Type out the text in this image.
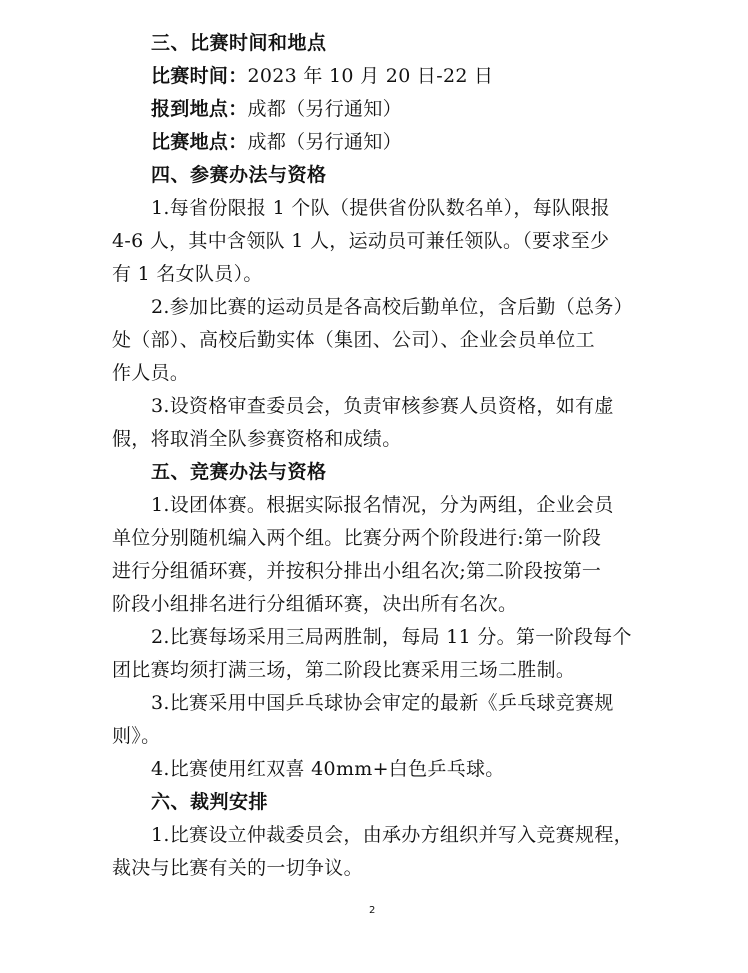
三、比赛时间和地点
比赛时间：2023 年 10 月 20 日-22 日
报到地点：成都（另行通知）
比赛地点：成都（另行通知）
四、参赛办法与资格
1.每省份限报 1 个队（提供省份队数名单），每队限报
4-6 人，其中含领队 1 人，运动员可兼任领队。（要求至少
有 1 名女队员）。
2.参加比赛的运动员是各高校后勤单位，含后勤（总务）
处（部）、高校后勤实体（集团、公司）、企业会员单位工
作人员。
3.设资格审查委员会，负责审核参赛人员资格，如有虚
假，将取消全队参赛资格和成绩。
五、竞赛办法与资格
1.设团体赛。根据实际报名情况，分为两组，企业会员
单位分别随机编入两个组。比赛分两个阶段进行:第一阶段
进行分组循环赛，并按积分排出小组名次;第二阶段按第一
阶段小组排名进行分组循环赛，决出所有名次。
2.比赛每场采用三局两胜制，每局 11 分。第一阶段每个
团比赛均须打满三场，第二阶段比赛采用三场二胜制。
3.比赛采用中国乒乓球协会审定的最新《乒乓球竞赛规
则》。
4.比赛使用红双喜 40mm+白色乒乓球。
六、裁判安排
1.比赛设立仲裁委员会，由承办方组织并写入竞赛规程，
裁决与比赛有关的一切争议。
2
